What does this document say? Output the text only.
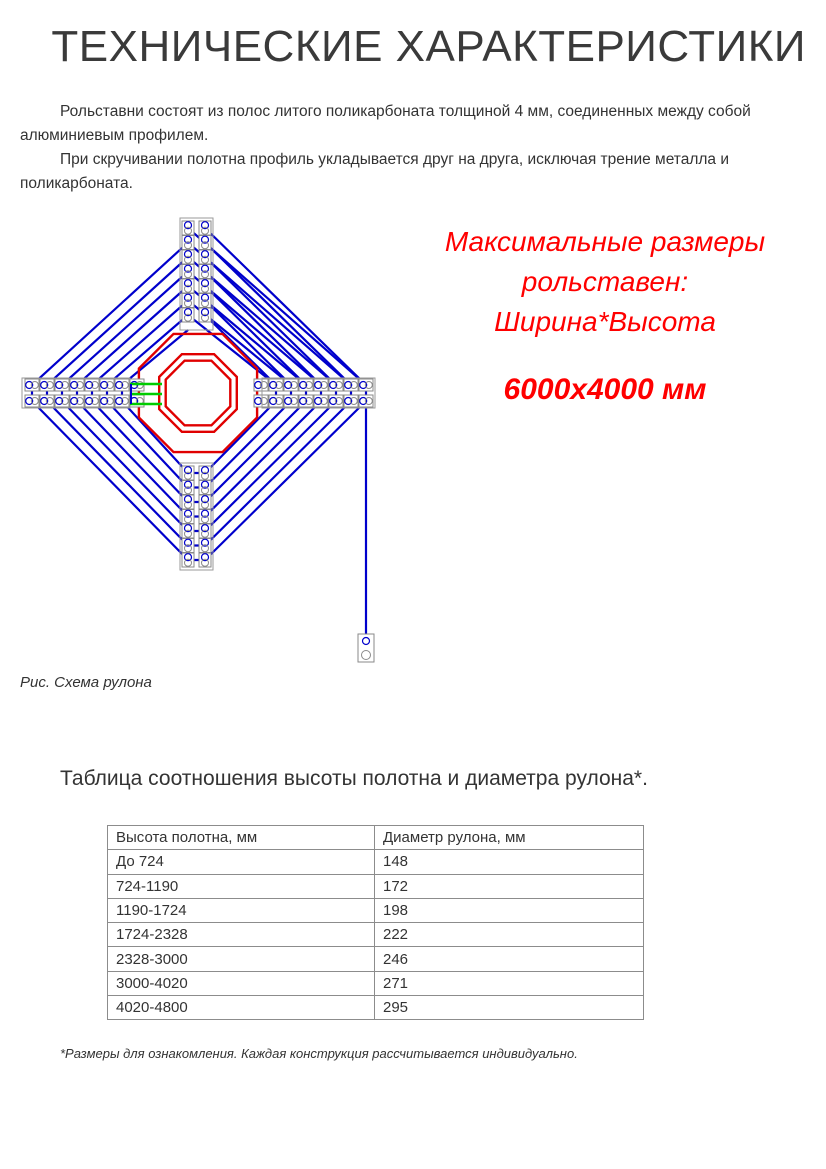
ТЕХНИЧЕСКИЕ ХАРАКТЕРИСТИКИ

Рольставни состоят из полос литого поликарбоната толщиной 4 мм, соединенных между собой алюминиевым профилем.

При скручивании полотна профиль укладывается друг на друга, исключая трение металла и поликарбоната.

Максимальные размеры
рольставен:
Ширина*Высота
6000х4000 мм
Рис. Схема рулона
Таблица соотношения высоты полотна и диаметра рулона*.
Высота полотна, мм	Диаметр рулона, мм
До 724	148
724-1190	172
1190-1724	198
1724-2328	222
2328-3000	246
3000-4020	271
4020-4800	295
*Размеры для ознакомления. Каждая конструкция рассчитывается индивидуально.
